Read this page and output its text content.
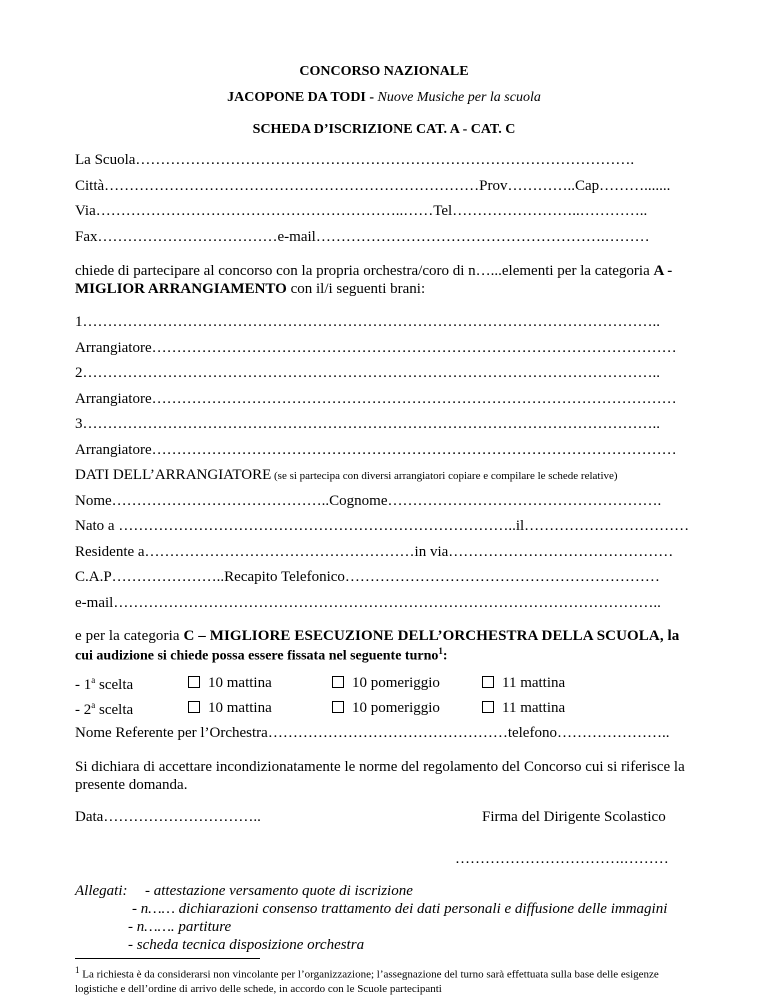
CONCORSO NAZIONALE
JACOPONE DA TODI - Nuove Musiche per la scuola
SCHEDA D’ISCRIZIONE CAT. A - CAT. C
La Scuola……………………………………………………………………………………….
Città…………………………………………………………………Prov…………..Cap……….......
Via……………………………………………………..……Tel……………………..…………..
Fax………………………………e-mail………………………………………………….………
chiede di partecipare al concorso con la propria orchestra/coro di n…...elementi per la categoria A - MIGLIOR ARRANGIAMENTO con il/i seguenti brani:
1……………………………………………………………………………………………………..
Arrangiatore……………………………………………………………………………………………
2……………………………………………………………………………………………………..
Arrangiatore……………………………………………………………………………………………
3……………………………………………………………………………………………………..
Arrangiatore……………………………………………………………………………………………
DATI DELL’ARRANGIATORE (se si partecipa con diversi arrangiatori copiare e compilare le schede relative)
Nome……………………………………..Cognome……………………………………………….
Nato a ……………………………………………………………………..il……………………………
Residente a………………………………………………in via………………………………………
C.A.P…………………..Recapito Telefonico………………………………………………………
e-mail………………………………………………………………………………………………..
e per la categoria C – MIGLIORE ESECUZIONE DELL’ORCHESTRA DELLA SCUOLA, la
cui audizione si chiede possa essere fissata nel seguente turno$^1$:
- 1$^a$ scelta	10 mattina	10 pomeriggio	11 mattina
- 2$^a$ scelta	10 mattina	10 pomeriggio	11 mattina
Nome Referente per l’Orchestra…………………………………………telefono…………………..
Si dichiara di accettare incondizionatamente le norme del regolamento del Concorso cui si riferisce la presente domanda.
Data…………………………..	Firma del Dirigente Scolastico
…………………………….………
Allegati: - attestazione versamento quote di iscrizione
- n…… dichiarazioni consenso trattamento dei dati personali e diffusione delle immagini
- n……. partiture
- scheda tecnica disposizione orchestra
$^1$ La richiesta è da considerarsi non vincolante per l’organizzazione; l’assegnazione del turno sarà effettuata sulla base delle esigenze logistiche e dell’ordine di arrivo delle schede, in accordo con le Scuole partecipanti
